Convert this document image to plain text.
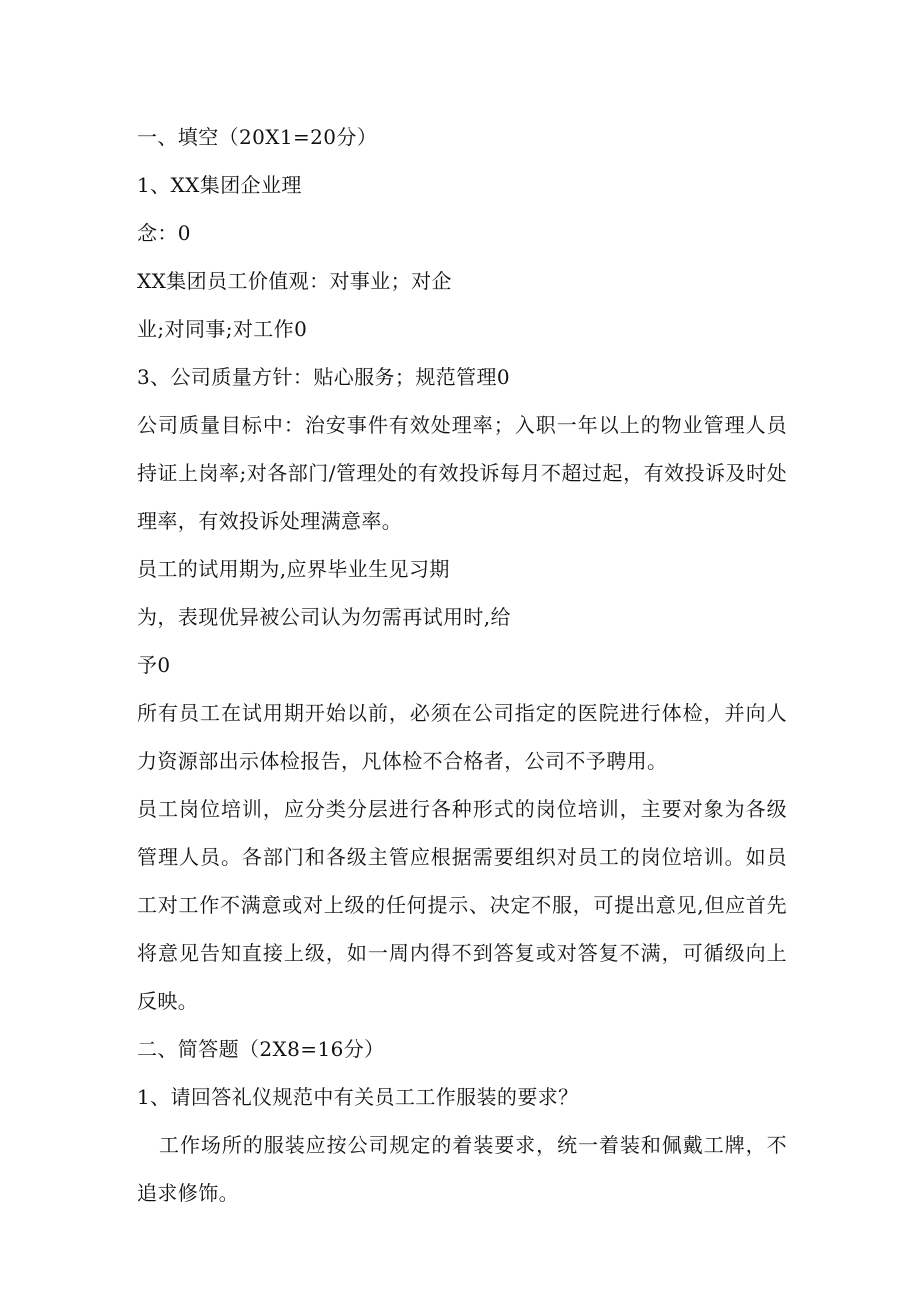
一、填空（20X1=20分）
1、XX集团企业理
念：0
XX集团员工价值观：对事业；对企
业;对同事;对工作0
3、公司质量方针：贴心服务；规范管理0
公司质量目标中：治安事件有效处理率；入职一年以上的物业管理人员持证上岗率;对各部门/管理处的有效投诉每月不超过起，有效投诉及时处理率，有效投诉处理满意率。
员工的试用期为,应界毕业生见习期
为，表现优异被公司认为勿需再试用时,给
予0
所有员工在试用期开始以前，必须在公司指定的医院进行体检，并向人力资源部出示体检报告，凡体检不合格者，公司不予聘用。
员工岗位培训，应分类分层进行各种形式的岗位培训，主要对象为各级管理人员。各部门和各级主管应根据需要组织对员工的岗位培训。如员工对工作不满意或对上级的任何提示、决定不服，可提出意见,但应首先将意见告知直接上级，如一周内得不到答复或对答复不满，可循级向上反映。
二、简答题（2X8=16分）
1、请回答礼仪规范中有关员工工作服装的要求？
工作场所的服装应按公司规定的着装要求，统一着装和佩戴工牌，不追求修饰。
